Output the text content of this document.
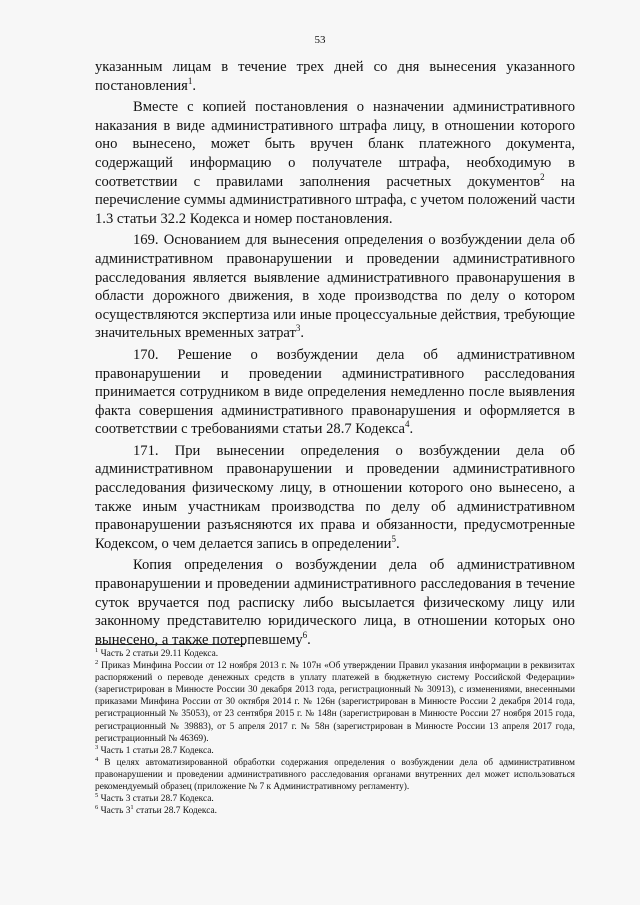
53

указанным лицам в течение трех дней со дня вынесения указанного постановления$^1$.

Вместе с копией постановления о назначении административного наказания в виде административного штрафа лицу, в отношении которого оно вынесено, может быть вручен бланк платежного документа, содержащий информацию о получателе штрафа, необходимую в соответствии с правилами заполнения расчетных документов$^2$ на перечисление суммы административного штрафа, с учетом положений части 1.3 статьи 32.2 Кодекса и номер постановления.

169. Основанием для вынесения определения о возбуждении дела об административном правонарушении и проведении административного расследования является выявление административного правонарушения в области дорожного движения, в ходе производства по делу о котором осуществляются экспертиза или иные процессуальные действия, требующие значительных временных затрат$^3$.

170. Решение о возбуждении дела об административном правонарушении и проведении административного расследования принимается сотрудником в виде определения немедленно после выявления факта совершения административного правонарушения и оформляется в соответствии с требованиями статьи 28.7 Кодекса$^4$.

171. При вынесении определения о возбуждении дела об административном правонарушении и проведении административного расследования физическому лицу, в отношении которого оно вынесено, а также иным участникам производства по делу об административном правонарушении разъясняются их права и обязанности, предусмотренные Кодексом, о чем делается запись в определении$^5$.

Копия определения о возбуждении дела об административном правонарушении и проведении административного расследования в течение суток вручается под расписку либо высылается физическому лицу или законному представителю юридического лица, в отношении которых оно вынесено, а также потерпевшему$^6$.

$^1$ Часть 2 статьи 29.11 Кодекса.

$^2$ Приказ Минфина России от 12 ноября 2013 г. № 107н «Об утверждении Правил указания информации в реквизитах распоряжений о переводе денежных средств в уплату платежей в бюджетную систему Российской Федерации» (зарегистрирован в Минюсте России 30 декабря 2013 года, регистрационный № 30913), с изменениями, внесенными приказами Минфина России от 30 октября 2014 г. № 126н (зарегистрирован в Минюсте России 2 декабря 2014 года, регистрационный № 35053), от 23 сентября 2015 г. № 148н (зарегистрирован в Минюсте России 27 ноября 2015 года, регистрационный № 39883), от 5 апреля 2017 г. № 58н (зарегистрирован в Минюсте России 13 апреля 2017 года, регистрационный № 46369).

$^3$ Часть 1 статьи 28.7 Кодекса.

$^4$ В целях автоматизированной обработки содержания определения о возбуждении дела об административном правонарушении и проведении административного расследования органами внутренних дел может использоваться рекомендуемый образец (приложение № 7 к Административному регламенту).

$^5$ Часть 3 статьи 28.7 Кодекса.

$^6$ Часть $3^1$ статьи 28.7 Кодекса.
